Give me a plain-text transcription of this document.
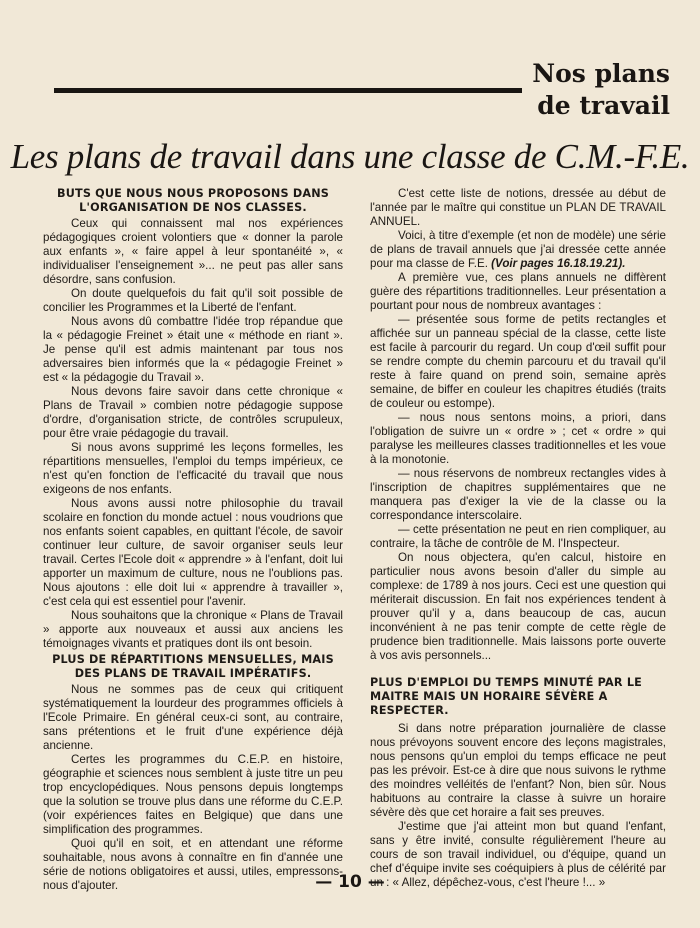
Nos plans
de travail
Les plans de travail dans une classe de C.M.-F.E.
BUTS QUE NOUS NOUS PROPOSONS DANS L'ORGANISATION DE NOS CLASSES.

Ceux qui connaissent mal nos expériences pédagogiques croient volontiers que « donner la parole aux enfants », « faire appel à leur spontanéité », « individualiser l'enseignement »... ne peut pas aller sans désordre, sans confusion.

On doute quelquefois du fait qu'il soit possible de concilier les Programmes et la Liberté de l'enfant.

Nous avons dû combattre l'idée trop répandue que la « pédagogie Freinet » était une « méthode en riant ». Je pense qu'il est admis maintenant par tous nos adversaires bien informés que la « pédagogie Freinet » est « la pédagogie du Travail ».

Nous devons faire savoir dans cette chronique « Plans de Travail » combien notre pédagogie suppose d'ordre, d'organisation stricte, de contrôles scrupuleux, pour être vraie pédagogie du travail.

Si nous avons supprimé les leçons formelles, les répartitions mensuelles, l'emploi du temps impérieux, ce n'est qu'en fonction de l'efficacité du travail que nous exigeons de nos enfants.

Nous avons aussi notre philosophie du travail scolaire en fonction du monde actuel : nous voudrions que nos enfants soient capables, en quittant l'école, de savoir continuer leur culture, de savoir organiser seuls leur travail. Certes l'Ecole doit « apprendre » à l'enfant, doit lui apporter un maximum de culture, nous ne l'oublions pas. Nous ajoutons : elle doit lui « apprendre à travailler », c'est cela qui est essentiel pour l'avenir.

Nous souhaitons que la chronique « Plans de Travail » apporte aux nouveaux et aussi aux anciens les témoignages vivants et pratiques dont ils ont besoin.

PLUS DE RÉPARTITIONS MENSUELLES, MAIS DES PLANS DE TRAVAIL IMPÉRATIFS.

Nous ne sommes pas de ceux qui critiquent systématiquement la lourdeur des programmes officiels à l'Ecole Primaire. En général ceux-ci sont, au contraire, sans prétentions et le fruit d'une expérience déjà ancienne.

Certes les programmes du C.E.P. en histoire, géographie et sciences nous semblent à juste titre un peu trop encyclopédiques. Nous pensons depuis longtemps que la solution se trouve plus dans une réforme du C.E.P. (voir expériences faites en Belgique) que dans une simplification des programmes.

Quoi qu'il en soit, et en attendant une réforme souhaitable, nous avons à connaître en fin d'année une série de notions obligatoires et aussi, utiles, empressons-nous d'ajouter.

C'est cette liste de notions, dressée au début de l'année par le maître qui constitue un PLAN DE TRAVAIL ANNUEL.

Voici, à titre d'exemple (et non de modèle) une série de plans de travail annuels que j'ai dressée cette année pour ma classe de F.E. (Voir pages 16.18.19.21).

A première vue, ces plans annuels ne diffèrent guère des répartitions traditionnelles. Leur présentation a pourtant pour nous de nombreux avantages :

— présentée sous forme de petits rectangles et affichée sur un panneau spécial de la classe, cette liste est facile à parcourir du regard. Un coup d'œil suffit pour se rendre compte du chemin parcouru et du travail qu'il reste à faire quand on prend soin, semaine après semaine, de biffer en couleur les chapitres étudiés (traits de couleur ou estompe).

— nous nous sentons moins, a priori, dans l'obligation de suivre un « ordre » ; cet « ordre » qui paralyse les meilleures classes traditionnelles et les voue à la monotonie.

— nous réservons de nombreux rectangles vides à l'inscription de chapitres supplémentaires que ne manquera pas d'exiger la vie de la classe ou la correspondance interscolaire.

— cette présentation ne peut en rien compliquer, au contraire, la tâche de contrôle de M. l'Inspecteur.

On nous objectera, qu'en calcul, histoire en particulier nous avons besoin d'aller du simple au complexe: de 1789 à nos jours. Ceci est une question qui mériterait discussion. En fait nos expériences tendent à prouver qu'il y a, dans beaucoup de cas, aucun inconvénient à ne pas tenir compte de cette règle de prudence bien traditionnelle. Mais laissons porte ouverte à vos avis personnels...

PLUS D'EMPLOI DU TEMPS MINUTÉ PAR LE MAITRE MAIS UN HORAIRE SÉVÈRE A RESPECTER.

Si dans notre préparation journalière de classe nous prévoyons souvent encore des leçons magistrales, nous pensons qu'un emploi du temps efficace ne peut pas les prévoir. Est-ce à dire que nous suivons le rythme des moindres velléités de l'enfant? Non, bien sûr. Nous habituons au contraire la classe à suivre un horaire sévère dès que cet horaire a fait ses preuves.

J'estime que j'ai atteint mon but quand l'enfant, sans y être invité, consulte régulièrement l'heure au cours de son travail individuel, ou d'équipe, quand un chef d'équipe invite ses coéquipiers à plus de célérité par un : « Allez, dépêchez-vous, c'est l'heure !... »

— 10 —
